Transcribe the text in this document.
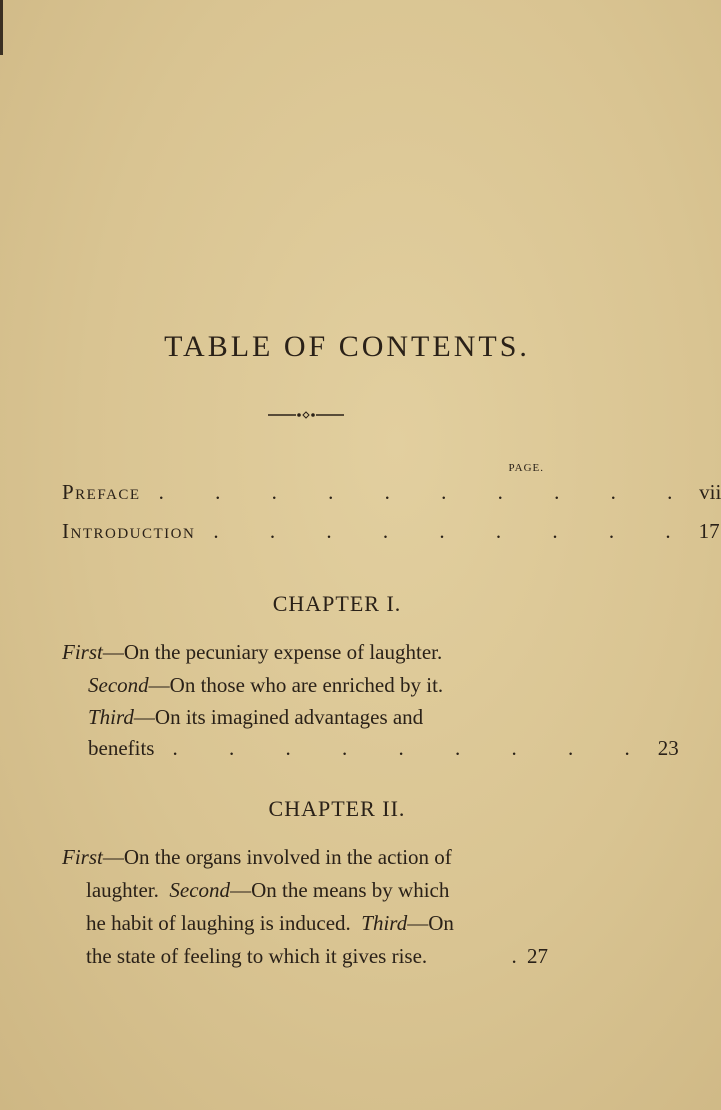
TABLE OF CONTENTS.
PAGE.
Preface . . . . . . . . . . vii
Introduction . . . . . . . . . 17
CHAPTER I.
First—On the pecuniary expense of laughter.
Second—On those who are enriched by it.
Third—On its imagined advantages and
benefits . . . . . . . . . 23
CHAPTER II.
First—On the organs involved in the action of
laughter. Second—On the means by which
he habit of laughing is induced. Third—On
the state of feeling to which it gives rise.	. 27
